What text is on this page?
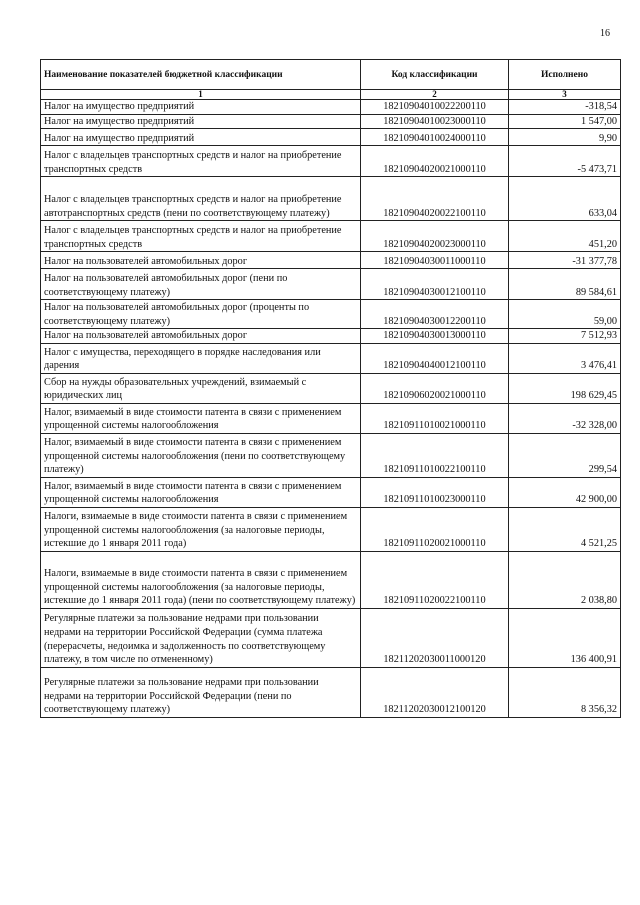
16
Наименование показателей бюджетной классификации	Код классификации	Исполнено
1	2	3
Налог на имущество предприятий	18210904010022200110	-318,54
Налог на имущество предприятий	18210904010023000110	1 547,00
Налог на имущество предприятий	18210904010024000110	9,90
Налог с владельцев транспортных средств и налог на приобретение транспортных средств	18210904020021000110	-5 473,71
Налог с владельцев транспортных средств и налог на приобретение автотранспортных средств (пени по соответствующему платежу)	18210904020022100110	633,04
Налог с владельцев транспортных средств и налог на приобретение транспортных средств	18210904020023000110	451,20
Налог на пользователей автомобильных дорог	18210904030011000110	-31 377,78
Налог на пользователей автомобильных дорог (пени по соответствующему платежу)	18210904030012100110	89 584,61
Налог на пользователей автомобильных дорог (проценты по соответствующему платежу)	18210904030012200110	59,00
Налог на пользователей автомобильных дорог	18210904030013000110	7 512,93
Налог с имущества, переходящего в порядке наследования или дарения	18210904040012100110	3 476,41
Сбор на нужды образовательных учреждений, взимаемый с юридических лиц	18210906020021000110	198 629,45
Налог, взимаемый в виде стоимости патента в связи с применением упрощенной системы налогообложения	18210911010021000110	-32 328,00
Налог, взимаемый в виде стоимости патента в связи с применением упрощенной системы налогообложения (пени по соответствующему платежу)	18210911010022100110	299,54
Налог, взимаемый в виде стоимости патента в связи с применением упрощенной системы налогообложения	18210911010023000110	42 900,00
Налоги, взимаемые в виде стоимости патента в связи с применением упрощенной системы налогообложения (за налоговые периоды, истекшие до 1 января 2011 года)	18210911020021000110	4 521,25
Налоги, взимаемые в виде стоимости патента в связи с применением упрощенной системы налогообложения (за налоговые периоды, истекшие до 1 января 2011 года) (пени по соответствующему платежу)	18210911020022100110	2 038,80
Регулярные платежи за пользование недрами при пользовании недрами на территории Российской Федерации (сумма платежа (перерасчеты, недоимка и задолженность по соответствующему платежу, в том числе по отмененному)	18211202030011000120	136 400,91
Регулярные платежи за пользование недрами при пользовании недрами на территории Российской Федерации (пени по соответствующему платежу)	18211202030012100120	8 356,32
